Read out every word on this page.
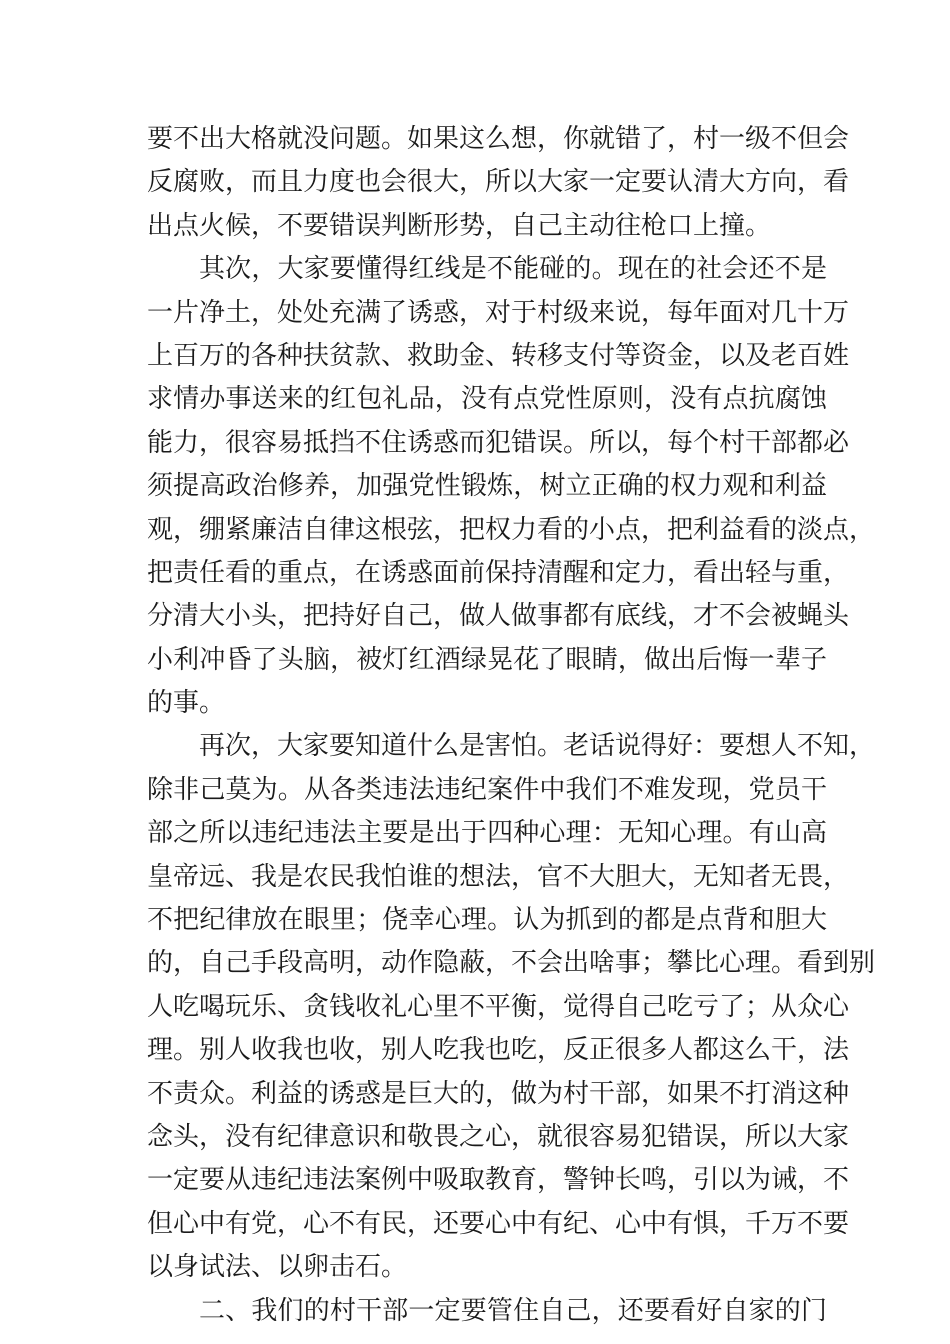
要不出大格就没问题。如果这么想，你就错了，村一级不但会
反腐败，而且力度也会很大，所以大家一定要认清大方向，看
出点火候，不要错误判断形势，自己主动往枪口上撞。
其次，大家要懂得红线是不能碰的。现在的社会还不是
一片净土，处处充满了诱惑，对于村级来说，每年面对几十万
上百万的各种扶贫款、救助金、转移支付等资金，以及老百姓
求情办事送来的红包礼品，没有点党性原则，没有点抗腐蚀
能力，很容易抵挡不住诱惑而犯错误。所以，每个村干部都必
须提高政治修养，加强党性锻炼，树立正确的权力观和利益
观，绷紧廉洁自律这根弦，把权力看的小点，把利益看的淡点，
把责任看的重点，在诱惑面前保持清醒和定力，看出轻与重，
分清大小头，把持好自己，做人做事都有底线，才不会被蝇头
小利冲昏了头脑，被灯红酒绿晃花了眼睛，做出后悔一辈子
的事。
再次，大家要知道什么是害怕。老话说得好：要想人不知，
除非己莫为。从各类违法违纪案件中我们不难发现，党员干
部之所以违纪违法主要是出于四种心理：无知心理。有山高
皇帝远、我是农民我怕谁的想法，官不大胆大，无知者无畏，
不把纪律放在眼里；侥幸心理。认为抓到的都是点背和胆大
的，自己手段高明，动作隐蔽，不会出啥事；攀比心理。看到别
人吃喝玩乐、贪钱收礼心里不平衡，觉得自己吃亏了；从众心
理。别人收我也收，别人吃我也吃，反正很多人都这么干，法
不责众。利益的诱惑是巨大的，做为村干部，如果不打消这种
念头，没有纪律意识和敬畏之心，就很容易犯错误，所以大家
一定要从违纪违法案例中吸取教育，警钟长鸣，引以为诫，不
但心中有党，心不有民，还要心中有纪、心中有惧，千万不要
以身试法、以卵击石。
二、我们的村干部一定要管住自己，还要看好自家的门
